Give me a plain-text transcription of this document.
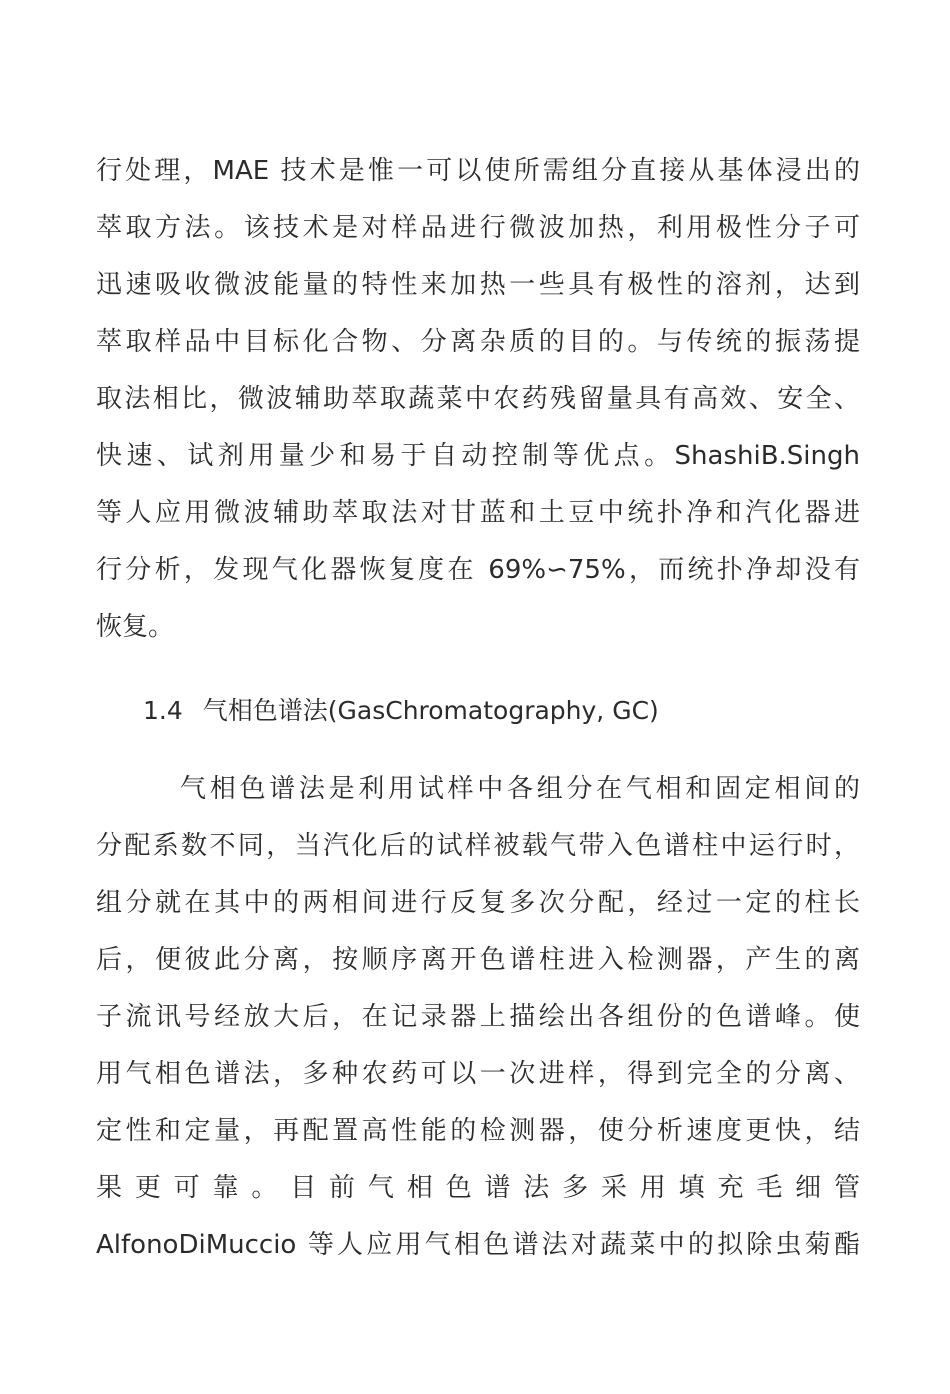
行处理，MAE 技术是惟一可以使所需组分直接从基体浸出的

萃取方法。该技术是对样品进行微波加热，利用极性分子可

迅速吸收微波能量的特性来加热一些具有极性的溶剂，达到

萃取样品中目标化合物、分离杂质的目的。与传统的振荡提

取法相比，微波辅助萃取蔬菜中农药残留量具有高效、安全、

快速、试剂用量少和易于自动控制等优点。ShashiB.Singh

等人应用微波辅助萃取法对甘蓝和土豆中统扑净和汽化器进

行分析，发现气化器恢复度在 69%∽75%，而统扑净却没有

恢复。

1.4 气相色谱法(GasChromatography, GC)

气相色谱法是利用试样中各组分在气相和固定相间的

分配系数不同，当汽化后的试样被载气带入色谱柱中运行时，

组分就在其中的两相间进行反复多次分配，经过一定的柱长

后，便彼此分离，按顺序离开色谱柱进入检测器，产生的离

子流讯号经放大后，在记录器上描绘出各组份的色谱峰。使

用气相色谱法，多种农药可以一次进样，得到完全的分离、

定性和定量，再配置高性能的检测器，使分析速度更快，结

果 更 可 靠 。 目 前 气 相 色 谱 法 多 采 用 填 充 毛 细 管

AlfonoDiMuccio 等人应用气相色谱法对蔬菜中的拟除虫菊酯
